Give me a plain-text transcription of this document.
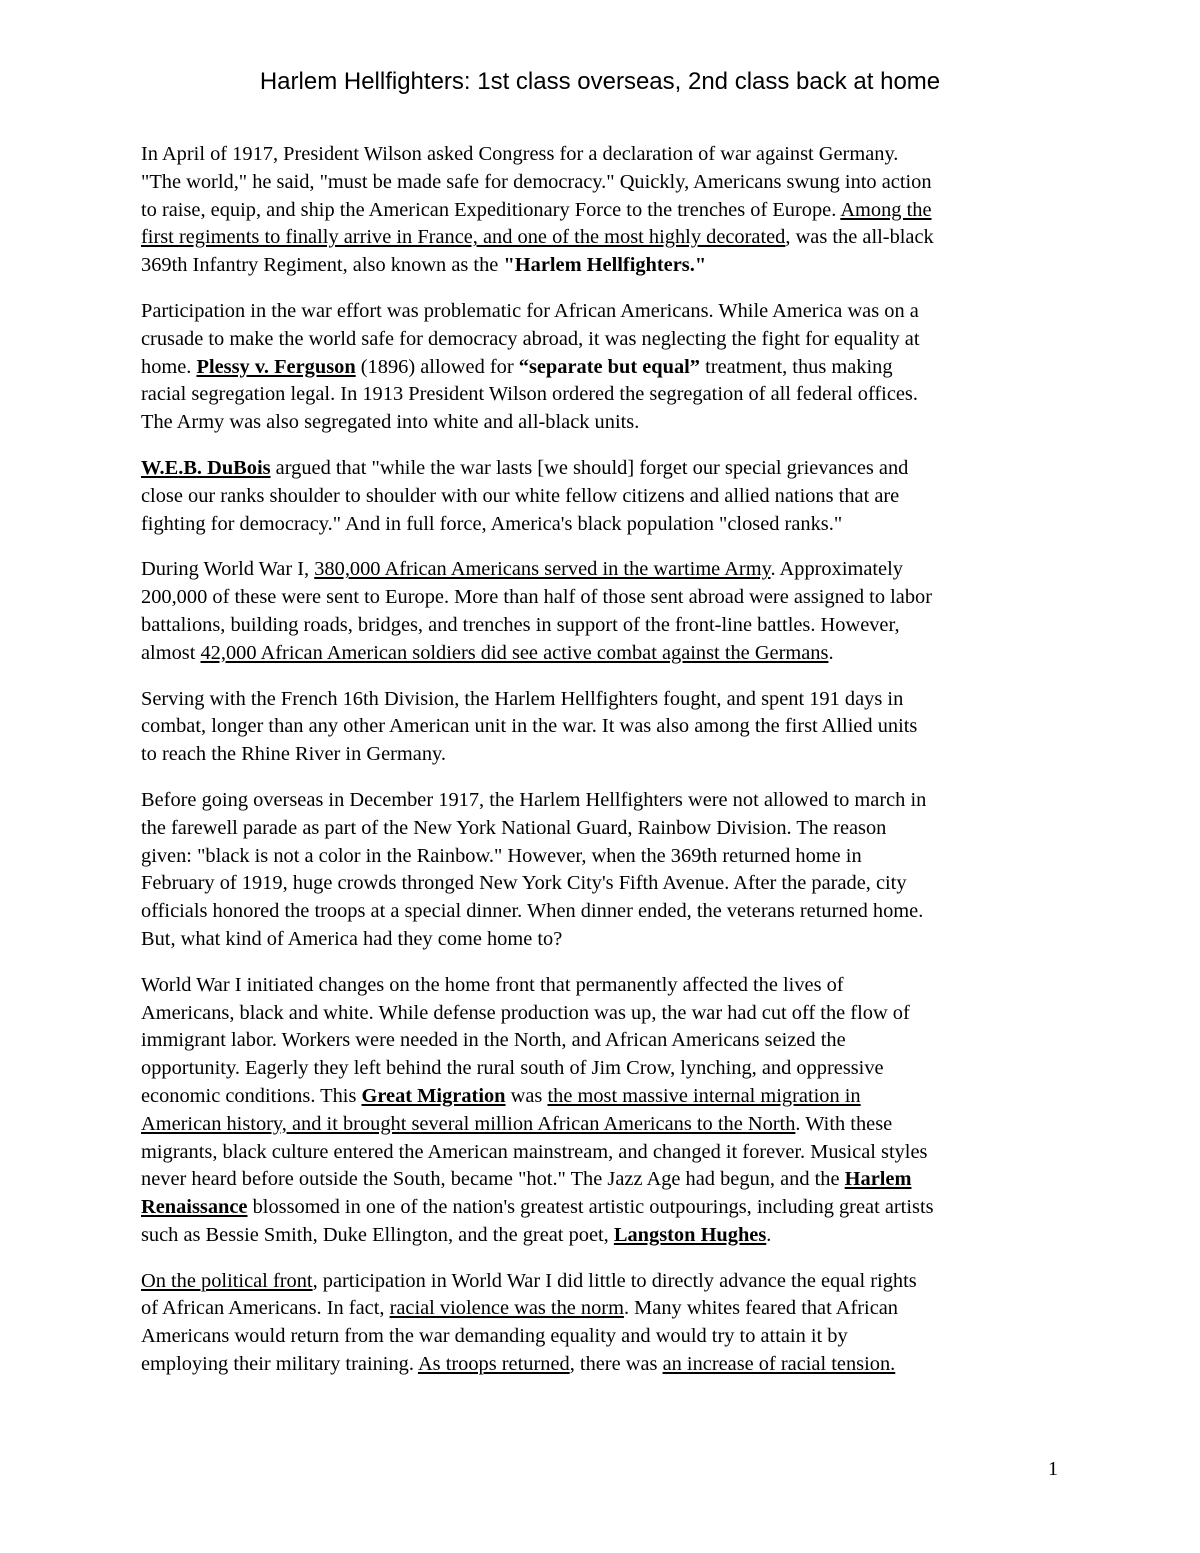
Harlem Hellfighters: 1st class overseas, 2nd class back at home

In April of 1917, President Wilson asked Congress for a declaration of war against Germany.
"The world," he said, "must be made safe for democracy." Quickly, Americans swung into action
to raise, equip, and ship the American Expeditionary Force to the trenches of Europe. Among the
first regiments to finally arrive in France, and one of the most highly decorated, was the all-black
369th Infantry Regiment, also known as the "Harlem Hellfighters."

Participation in the war effort was problematic for African Americans. While America was on a
crusade to make the world safe for democracy abroad, it was neglecting the fight for equality at
home. Plessy v. Ferguson (1896) allowed for “separate but equal” treatment, thus making
racial segregation legal. In 1913 President Wilson ordered the segregation of all federal offices.
The Army was also segregated into white and all-black units.

W.E.B. DuBois argued that "while the war lasts [we should] forget our special grievances and
close our ranks shoulder to shoulder with our white fellow citizens and allied nations that are
fighting for democracy." And in full force, America's black population "closed ranks."

During World War I, 380,000 African Americans served in the wartime Army. Approximately
200,000 of these were sent to Europe. More than half of those sent abroad were assigned to labor
battalions, building roads, bridges, and trenches in support of the front-line battles. However,
almost 42,000 African American soldiers did see active combat against the Germans.

Serving with the French 16th Division, the Harlem Hellfighters fought, and spent 191 days in
combat, longer than any other American unit in the war. It was also among the first Allied units
to reach the Rhine River in Germany.

Before going overseas in December 1917, the Harlem Hellfighters were not allowed to march in
the farewell parade as part of the New York National Guard, Rainbow Division. The reason
given: "black is not a color in the Rainbow." However, when the 369th returned home in
February of 1919, huge crowds thronged New York City's Fifth Avenue. After the parade, city
officials honored the troops at a special dinner. When dinner ended, the veterans returned home.
But, what kind of America had they come home to?

World War I initiated changes on the home front that permanently affected the lives of
Americans, black and white. While defense production was up, the war had cut off the flow of
immigrant labor. Workers were needed in the North, and African Americans seized the
opportunity. Eagerly they left behind the rural south of Jim Crow, lynching, and oppressive
economic conditions. This Great Migration was the most massive internal migration in
American history, and it brought several million African Americans to the North. With these
migrants, black culture entered the American mainstream, and changed it forever. Musical styles
never heard before outside the South, became "hot." The Jazz Age had begun, and the Harlem
Renaissance blossomed in one of the nation's greatest artistic outpourings, including great artists
such as Bessie Smith, Duke Ellington, and the great poet, Langston Hughes.

On the political front, participation in World War I did little to directly advance the equal rights
of African Americans. In fact, racial violence was the norm. Many whites feared that African
Americans would return from the war demanding equality and would try to attain it by
employing their military training. As troops returned, there was an increase of racial tension.

1
